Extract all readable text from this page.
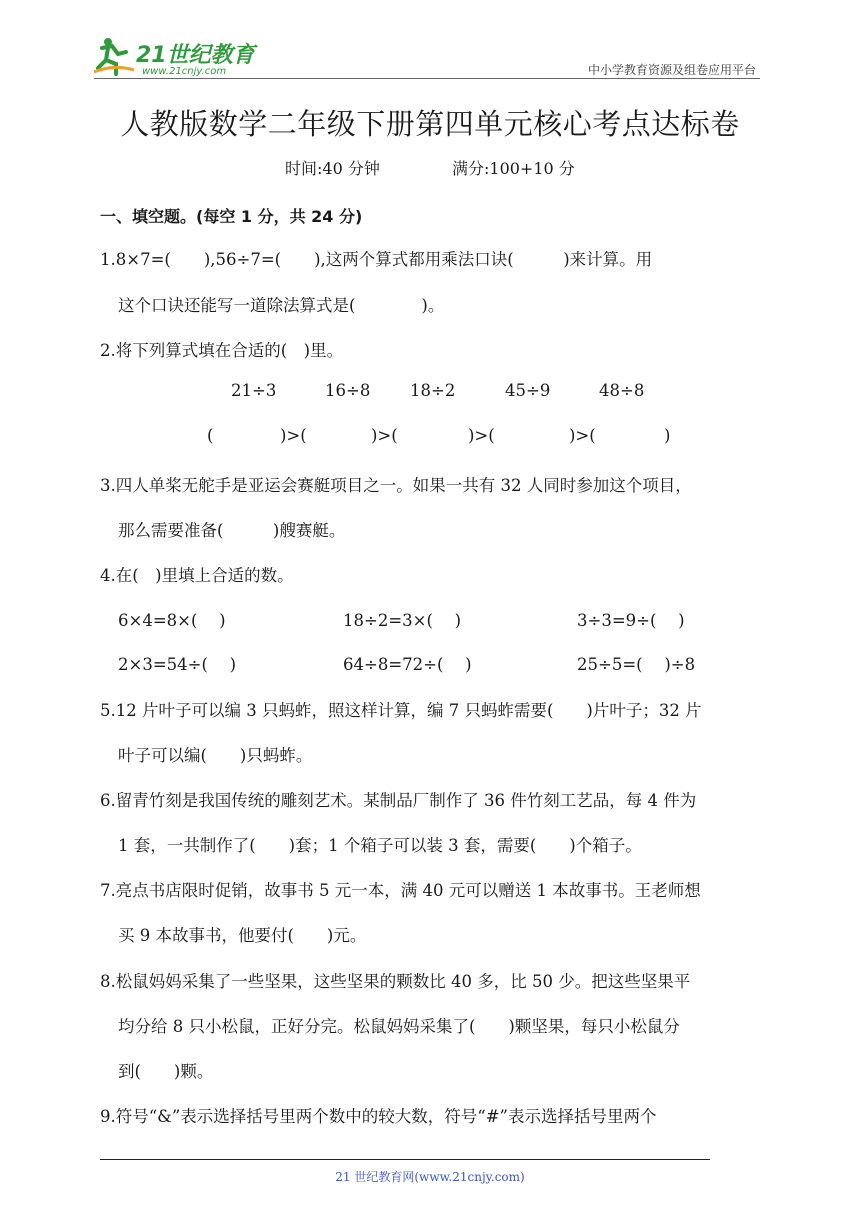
21世纪教育
www.21cnjy.com	中小学教育资源及组卷应用平台
人教版数学二年级下册第四单元核心考点达标卷
时间:40 分钟	满分:100+10 分
一、填空题。(每空 1 分，共 24 分)
1.8×7=(　　),56÷7=(　　),这两个算式都用乘法口诀(　　　)来计算。用
这个口诀还能写一道除法算式是(　　　　)。
2.将下列算式填在合适的(　)里。
21÷3	16÷8 18÷2	45÷9	48÷8
(	)>(	)>(	)>(	)>(	)
3.四人单桨无舵手是亚运会赛艇项目之一。如果一共有 32 人同时参加这个项目，
那么需要准备(　　　)艘赛艇。
4.在(　)里填上合适的数。
6×4=8×(　 )	18÷2=3×(　 )	3÷3=9÷(　 )
2×3=54÷(　 )	64÷8=72÷(　 )	25÷5=(　 )÷8
5.12 片叶子可以编 3 只蚂蚱，照这样计算，编 7 只蚂蚱需要(　　)片叶子；32 片
叶子可以编(　　)只蚂蚱。
6.留青竹刻是我国传统的雕刻艺术。某制品厂制作了 36 件竹刻工艺品，每 4 件为
1 套，一共制作了(　　)套；1 个箱子可以装 3 套，需要(　　)个箱子。
7.亮点书店限时促销，故事书 5 元一本，满 40 元可以赠送 1 本故事书。王老师想
买 9 本故事书，他要付(　　)元。
8.松鼠妈妈采集了一些坚果，这些坚果的颗数比 40 多，比 50 少。把这些坚果平
均分给 8 只小松鼠，正好分完。松鼠妈妈采集了(　　)颗坚果，每只小松鼠分
到(　　)颗。
9.符号“&”表示选择括号里两个数中的较大数，符号“#”表示选择括号里两个
21 世纪教育网(www.21cnjy.com)
